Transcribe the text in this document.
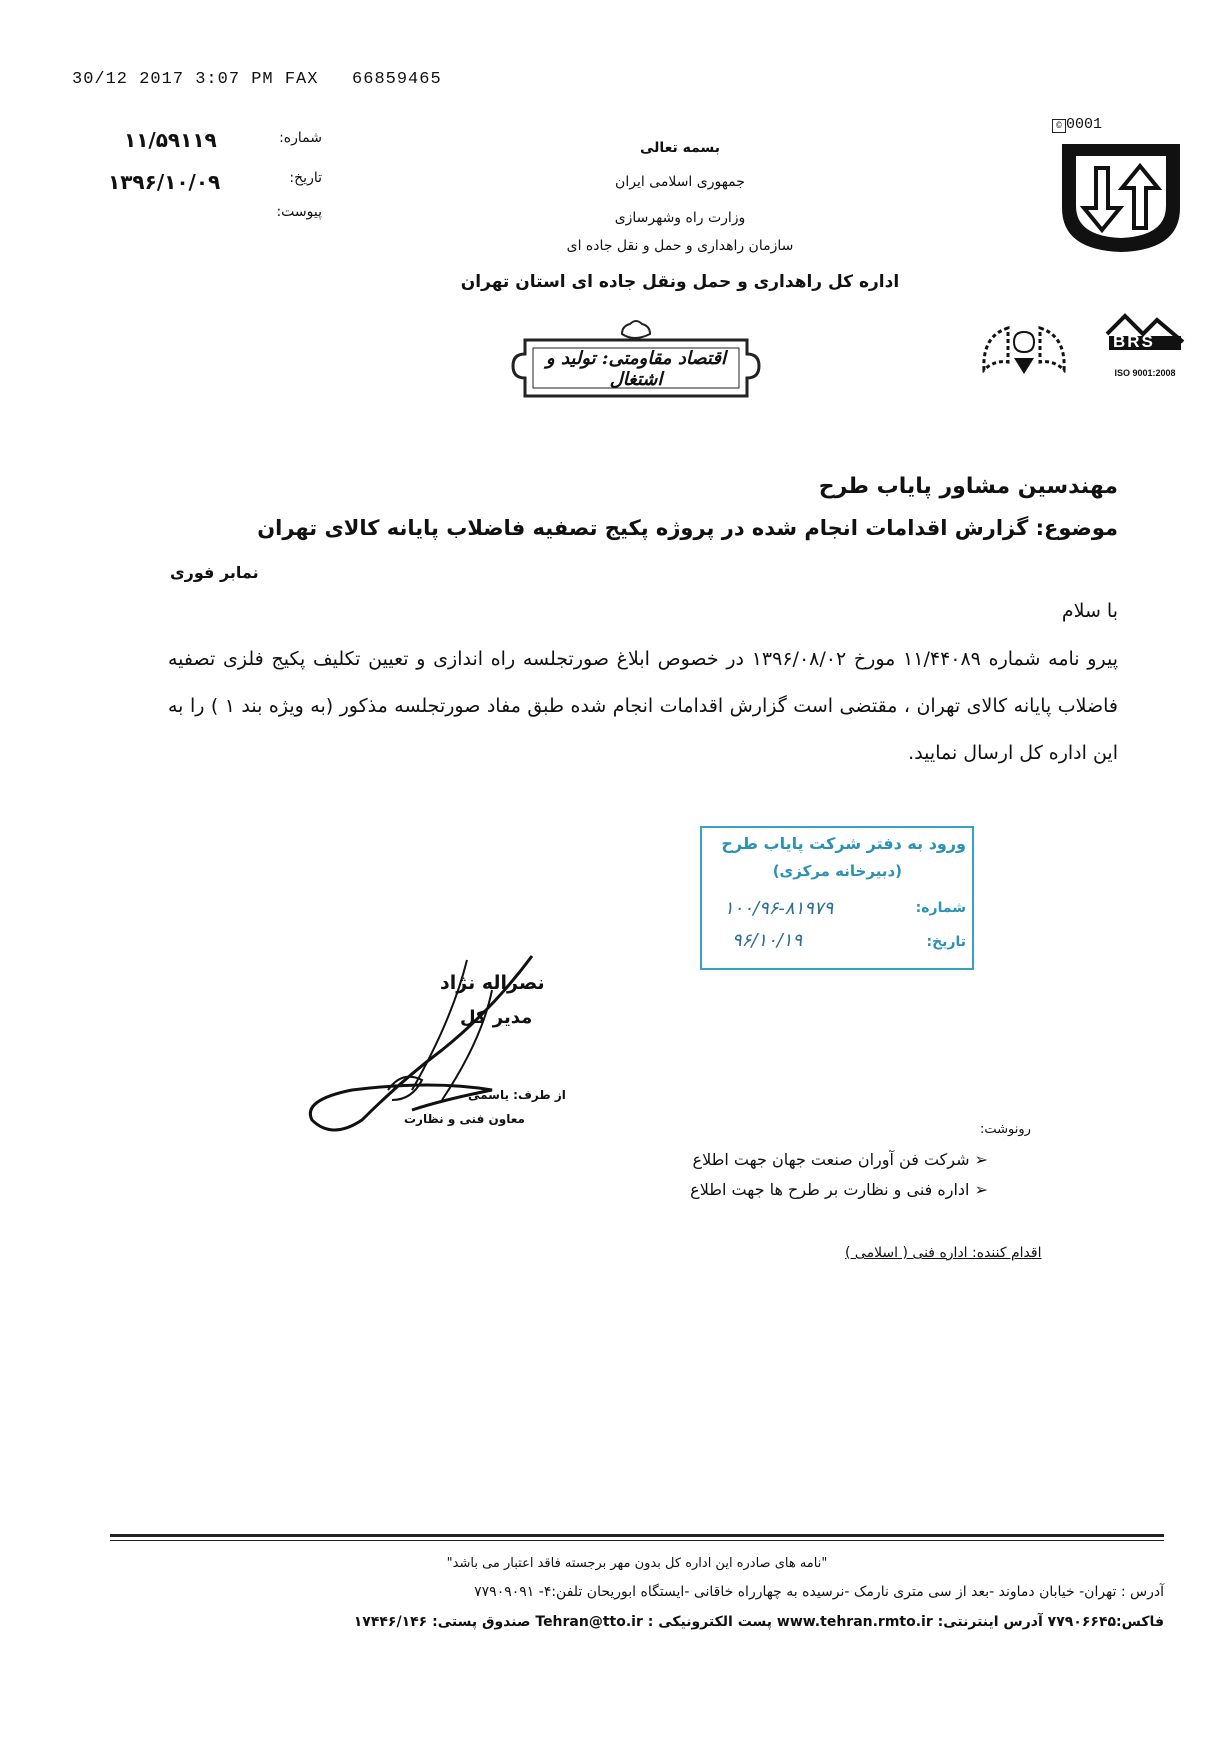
30/12 2017 3:07 PM FAX   66859465
شماره:
۱۱/۵۹۱۱۹
تاریخ:
۱۳۹۶/۱۰/۰۹
پیوست:
بسمه تعالی
جمهوری اسلامی ایران
وزارت راه وشهرسازی
سازمان راهداری و حمل و نقل جاده ای
اداره کل راهداری و حمل ونقل جاده ای استان تهران
اقتصاد مقاومتی: تولید و اشتغال
© 0001
BRS
ISO 9001:2008
مهندسین مشاور پایاب طرح
موضوع: گزارش اقدامات انجام شده در پروژه پکیج تصفیه فاضلاب پایانه کالای تهران
نمابر فوری
با سلام
پیرو نامه شماره ۱۱/۴۴۰۸۹ مورخ ۱۳۹۶/۰۸/۰۲ در خصوص ابلاغ صورتجلسه راه اندازی و تعیین تکلیف پکیج فلزی تصفیه فاضلاب پایانه کالای تهران ، مقتضی است گزارش اقدامات انجام شده طبق مفاد صورتجلسه مذکور (به ویژه بند ۱ ) را به این اداره کل ارسال نمایید.
ورود به دفتر شرکت پایاب طرح
(دبیرخانه مرکزی)
شماره:
۱۰۰/۹۶-۸۱۹۷۹
تاریخ:
۹۶/۱۰/۱۹
نصراله نژاد
مدیر کل
از طرف: یاسمی
معاون فنی و نظارت
رونوشت:
➢ شرکت فن آوران صنعت جهان جهت اطلاع
➢ اداره فنی و نظارت بر طرح ها جهت اطلاع
اقدام کننده: اداره فنی ( اسلامی )
"نامه های صادره این اداره کل بدون مهر برجسته فاقد اعتبار می باشد"
آدرس : تهران- خیابان دماوند -بعد از سی متری نارمک -نرسیده به چهارراه خاقانی -ایستگاه ابوریحان تلفن:۴- ۷۷۹۰۹۰۹۱
فاکس:۷۷۹۰۶۶۴۵ آدرس اینترنتی: www.tehran.rmto.ir پست الکترونیکی : Tehran@tto.ir صندوق پستی: ۱۷۴۴۶/۱۴۶
